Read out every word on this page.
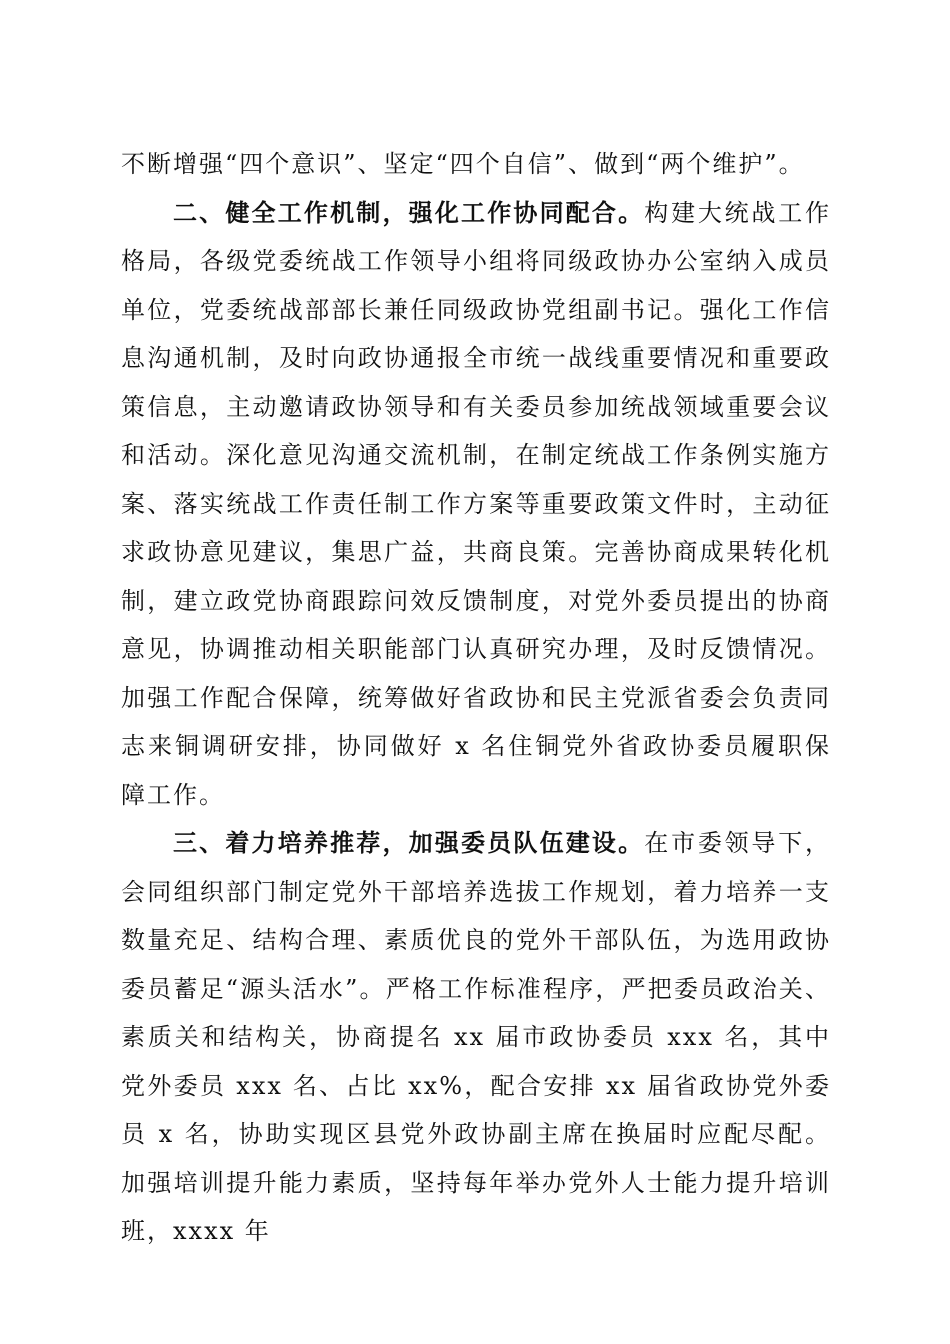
不断增强“四个意识”、坚定“四个自信”、做到“两个维护”。

二、健全工作机制，强化工作协同配合。构建大统战工作格局，各级党委统战工作领导小组将同级政协办公室纳入成员单位，党委统战部部长兼任同级政协党组副书记。强化工作信息沟通机制，及时向政协通报全市统一战线重要情况和重要政策信息，主动邀请政协领导和有关委员参加统战领域重要会议和活动。深化意见沟通交流机制，在制定统战工作条例实施方案、落实统战工作责任制工作方案等重要政策文件时，主动征求政协意见建议，集思广益，共商良策。完善协商成果转化机制，建立政党协商跟踪问效反馈制度，对党外委员提出的协商意见，协调推动相关职能部门认真研究办理，及时反馈情况。加强工作配合保障，统筹做好省政协和民主党派省委会负责同志来铜调研安排，协同做好 x 名住铜党外省政协委员履职保障工作。

三、着力培养推荐，加强委员队伍建设。在市委领导下，会同组织部门制定党外干部培养选拔工作规划，着力培养一支数量充足、结构合理、素质优良的党外干部队伍，为选用政协委员蓄足“源头活水”。严格工作标准程序，严把委员政治关、素质关和结构关，协商提名 xx 届市政协委员 xxx 名，其中党外委员 xxx 名、占比 xx%，配合安排 xx 届省政协党外委员 x 名，协助实现区县党外政协副主席在换届时应配尽配。加强培训提升能力素质，坚持每年举办党外人士能力提升培训班，xxxx 年
